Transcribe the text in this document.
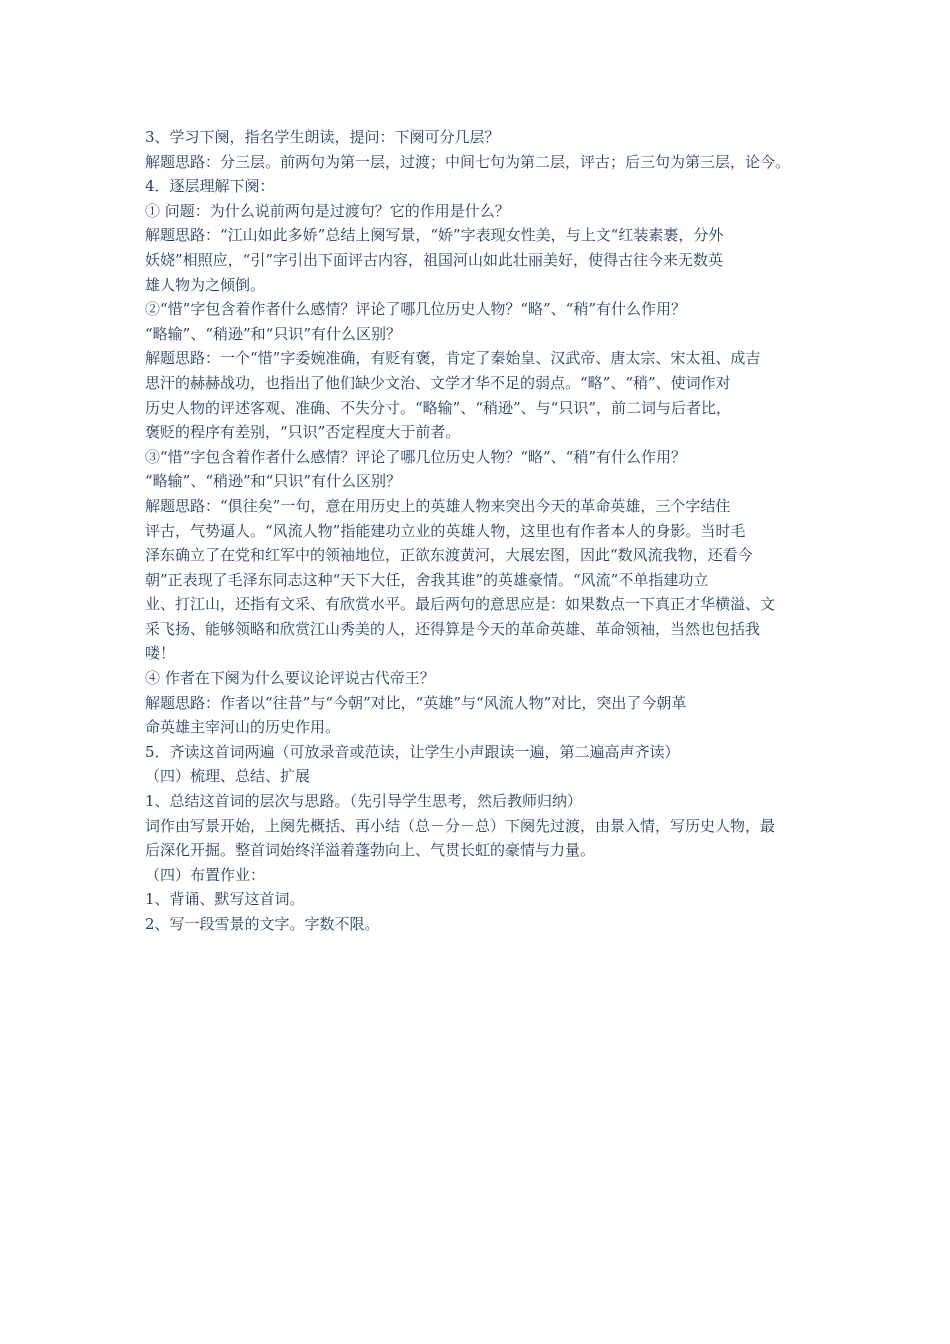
3、学习下阕，指名学生朗读，提问：下阕可分几层？
解题思路：分三层。前两句为第一层，过渡；中间七句为第二层，评古；后三句为第三层，论今。
4．逐层理解下阕：
① 问题：为什么说前两句是过渡句？它的作用是什么？
解题思路：“江山如此多娇”总结上阕写景，“娇”字表现女性美，与上文“红装素裹，分外
妖娆”相照应，“引”字引出下面评古内容，祖国河山如此壮丽美好，使得古往今来无数英
雄人物为之倾倒。
②“惜”字包含着作者什么感情？评论了哪几位历史人物？“略”、“稍”有什么作用？
“略输”、“稍逊”和“只识”有什么区别？
解题思路：一个“惜”字委婉准确，有贬有褒，肯定了秦始皇、汉武帝、唐太宗、宋太祖、成吉
思汗的赫赫战功，也指出了他们缺少文治、文学才华不足的弱点。“略”、“稍”、使词作对
历史人物的评述客观、准确、不失分寸。“略输”、“稍逊”、与“只识”，前二词与后者比，
褒贬的程序有差别，“只识”否定程度大于前者。
③“惜”字包含着作者什么感情？评论了哪几位历史人物？“略”、“稍”有什么作用？
“略输”、“稍逊”和“只识”有什么区别？
解题思路：“俱往矣”一句，意在用历史上的英雄人物来突出今天的革命英雄，三个字结住
评古，气势逼人。“风流人物”指能建功立业的英雄人物，这里也有作者本人的身影。当时毛
泽东确立了在党和红军中的领袖地位，正欲东渡黄河，大展宏图，因此“数风流我物，还看今
朝”正表现了毛泽东同志这种“天下大任，舍我其谁”的英雄豪情。“风流”不单指建功立
业、打江山，还指有文采、有欣赏水平。最后两句的意思应是：如果数点一下真正才华横溢、文
采飞扬、能够领略和欣赏江山秀美的人，还得算是今天的革命英雄、革命领袖，当然也包括我
喽！
④ 作者在下阕为什么要议论评说古代帝王？
解题思路：作者以“往昔”与“今朝”对比，“英雄”与“风流人物”对比，突出了今朝革
命英雄主宰河山的历史作用。
5．齐读这首词两遍（可放录音或范读，让学生小声跟读一遍，第二遍高声齐读）
（四）梳理、总结、扩展
1、总结这首词的层次与思路。（先引导学生思考，然后教师归纳）
词作由写景开始，上阕先概括、再小结（总－分－总）下阕先过渡，由景入情，写历史人物，最
后深化开掘。整首词始终洋溢着蓬勃向上、气贯长虹的豪情与力量。
（四）布置作业：
1、背诵、默写这首词。
2、写一段雪景的文字。字数不限。
